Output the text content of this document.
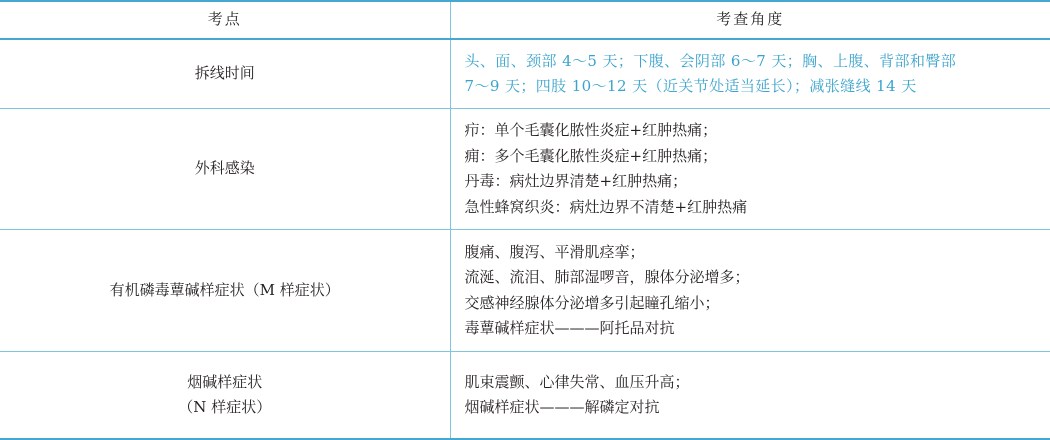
考点	考查角度

拆线时间	头、面、颈部 4～5 天；下腹、会阴部 6～7 天；胸、上腹、背部和臀部
7～9 天；四肢 10～12 天（近关节处适当延长）；减张缝线 14 天

外科感染	疖：单个毛囊化脓性炎症+红肿热痛；
痈：多个毛囊化脓性炎症+红肿热痛；
丹毒：病灶边界清楚+红肿热痛；
急性蜂窝织炎：病灶边界不清楚+红肿热痛

有机磷毒蕈碱样症状（M 样症状）	腹痛、腹泻、平滑肌痉挛；
流涎、流泪、肺部湿啰音，腺体分泌增多；
交感神经腺体分泌增多引起瞳孔缩小；
毒蕈碱样症状———阿托品对抗

烟碱样症状
（N 样症状）	肌束震颤、心律失常、血压升高；
烟碱样症状———解磷定对抗
